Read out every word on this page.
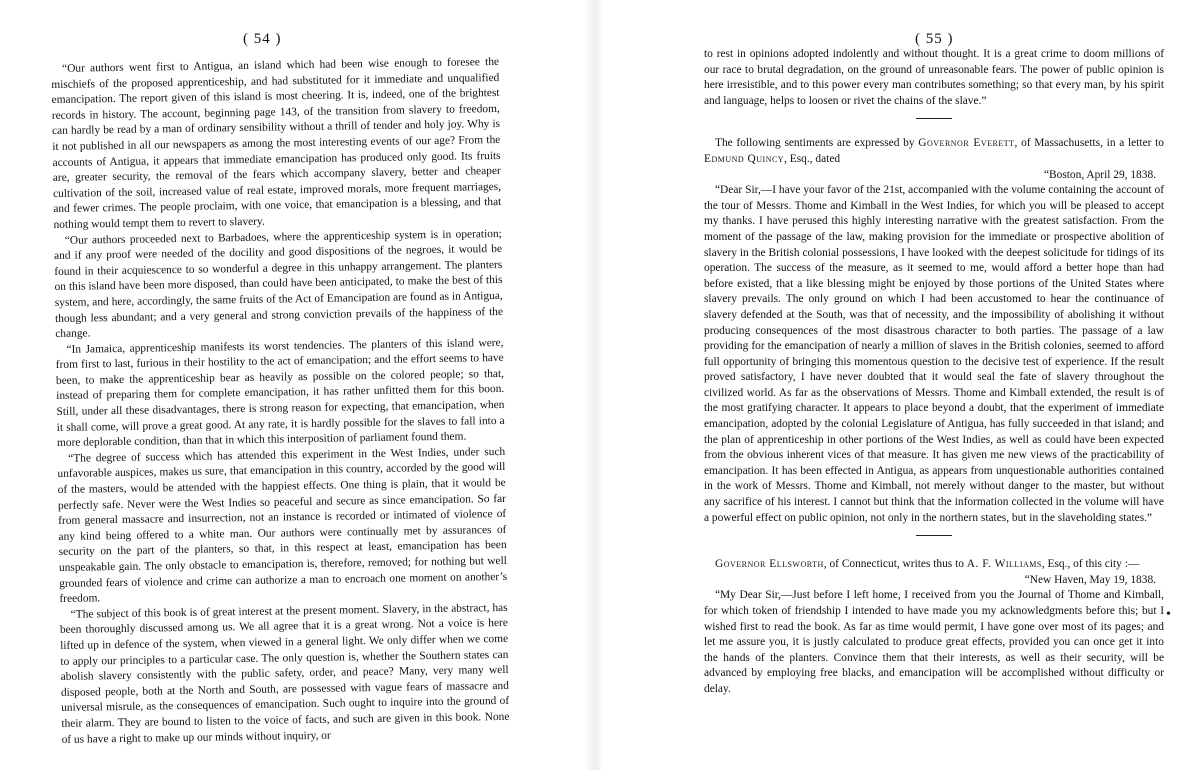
( 54 )

“Our authors went first to Antigua, an island which had been wise enough to foresee the mischiefs of the proposed apprenticeship, and had substituted for it immediate and unqualified emancipation. The report given of this island is most cheering. It is, indeed, one of the brightest records in history. The account, beginning page 143, of the transition from slavery to freedom, can hardly be read by a man of ordinary sensibility without a thrill of tender and holy joy. Why is it not published in all our newspapers as among the most interesting events of our age? From the accounts of Antigua, it appears that immediate emancipation has produced only good. Its fruits are, greater security, the removal of the fears which accompany slavery, better and cheaper cultivation of the soil, increased value of real estate, improved morals, more frequent marriages, and fewer crimes. The people proclaim, with one voice, that emancipation is a blessing, and that nothing would tempt them to revert to slavery.

“Our authors proceeded next to Barbadoes, where the apprenticeship system is in operation; and if any proof were needed of the docility and good dispositions of the negroes, it would be found in their acquiescence to so wonderful a degree in this unhappy arrangement. The planters on this island have been more disposed, than could have been anticipated, to make the best of this system, and here, accordingly, the same fruits of the Act of Emancipation are found as in Antigua, though less abundant; and a very general and strong conviction prevails of the happiness of the change.

“In Jamaica, apprenticeship manifests its worst tendencies. The planters of this island were, from first to last, furious in their hostility to the act of emancipation; and the effort seems to have been, to make the apprenticeship bear as heavily as possible on the colored people; so that, instead of preparing them for complete emancipation, it has rather unfitted them for this boon. Still, under all these disadvantages, there is strong reason for expecting, that emancipation, when it shall come, will prove a great good. At any rate, it is hardly possible for the slaves to fall into a more deplorable condition, than that in which this interposition of parliament found them.

“The degree of success which has attended this experiment in the West Indies, under such unfavorable auspices, makes us sure, that emancipation in this country, accorded by the good will of the masters, would be attended with the happiest effects. One thing is plain, that it would be perfectly safe. Never were the West Indies so peaceful and secure as since emancipation. So far from general massacre and insurrection, not an instance is recorded or intimated of violence of any kind being offered to a white man. Our authors were continually met by assurances of security on the part of the planters, so that, in this respect at least, emancipation has been unspeakable gain. The only obstacle to emancipation is, therefore, removed; for nothing but well grounded fears of violence and crime can authorize a man to encroach one moment on another’s freedom.

“The subject of this book is of great interest at the present moment. Slavery, in the abstract, has been thoroughly discussed among us. We all agree that it is a great wrong. Not a voice is here lifted up in defence of the system, when viewed in a general light. We only differ when we come to apply our principles to a particular case. The only question is, whether the Southern states can abolish slavery consistently with the public safety, order, and peace? Many, very many well disposed people, both at the North and South, are possessed with vague fears of massacre and universal misrule, as the consequences of emancipation. Such ought to inquire into the ground of their alarm. They are bound to listen to the voice of facts, and such are given in this book. None of us have a right to make up our minds without inquiry, or

( 55 )

to rest in opinions adopted indolently and without thought. It is a great crime to doom millions of our race to brutal degradation, on the ground of unreasonable fears. The power of public opinion is here irresistible, and to this power every man contributes something; so that every man, by his spirit and language, helps to loosen or rivet the chains of the slave.”

The following sentiments are expressed by Governor Everett, of Massachusetts, in a letter to Edmund Quincy, Esq., dated

“Boston, April 29, 1838.

“Dear Sir,—I have your favor of the 21st, accompanied with the volume containing the account of the tour of Messrs. Thome and Kimball in the West Indies, for which you will be pleased to accept my thanks. I have perused this highly interesting narrative with the greatest satisfaction. From the moment of the passage of the law, making provision for the immediate or prospective abolition of slavery in the British colonial possessions, I have looked with the deepest solicitude for tidings of its operation. The success of the measure, as it seemed to me, would afford a better hope than had before existed, that a like blessing might be enjoyed by those portions of the United States where slavery prevails. The only ground on which I had been accustomed to hear the continuance of slavery defended at the South, was that of necessity, and the impossibility of abolishing it without producing consequences of the most disastrous character to both parties. The passage of a law providing for the emancipation of nearly a million of slaves in the British colonies, seemed to afford full opportunity of bringing this momentous question to the decisive test of experience. If the result proved satisfactory, I have never doubted that it would seal the fate of slavery throughout the civilized world. As far as the observations of Messrs. Thome and Kimball extended, the result is of the most gratifying character. It appears to place beyond a doubt, that the experiment of immediate emancipation, adopted by the colonial Legislature of Antigua, has fully succeeded in that island; and the plan of apprenticeship in other portions of the West Indies, as well as could have been expected from the obvious inherent vices of that measure. It has given me new views of the practicability of emancipation. It has been effected in Antigua, as appears from unquestionable authorities contained in the work of Messrs. Thome and Kimball, not merely without danger to the master, but without any sacrifice of his interest. I cannot but think that the information collected in the volume will have a powerful effect on public opinion, not only in the northern states, but in the slaveholding states.”

Governor Ellsworth, of Connecticut, writes thus to A. F. Williams, Esq., of this city :—

“New Haven, May 19, 1838.

“My Dear Sir,—Just before I left home, I received from you the Journal of Thome and Kimball, for which token of friendship I intended to have made you my acknowledgments before this; but I wished first to read the book. As far as time would permit, I have gone over most of its pages; and let me assure you, it is justly calculated to produce great effects, provided you can once get it into the hands of the planters. Convince them that their interests, as well as their security, will be advanced by employing free blacks, and emancipation will be accomplished without difficulty or delay.

•
